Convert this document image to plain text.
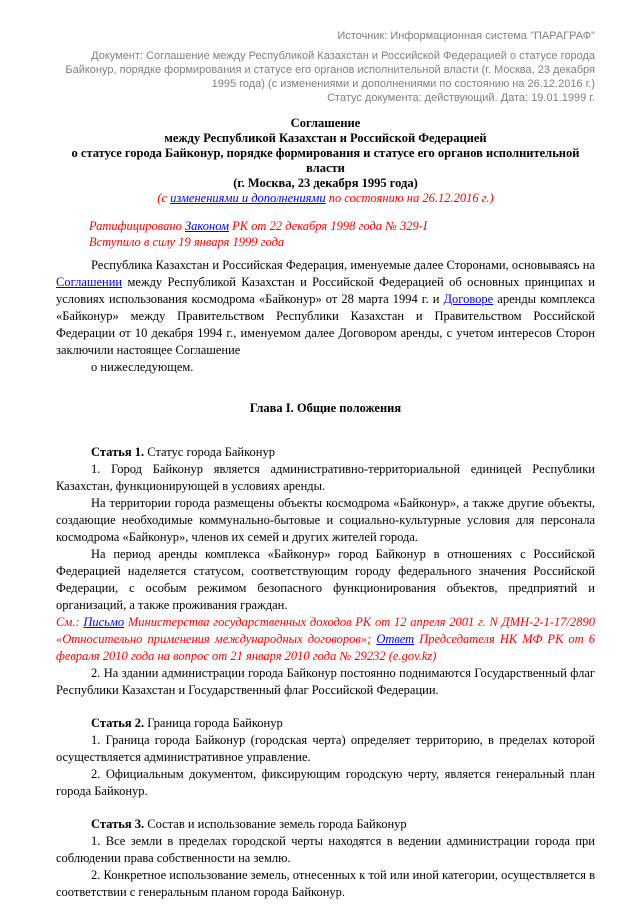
Источник: Информационная система "ПАРАГРАФ"

Документ: Соглашение между Республикой Казахстан и Российской Федерацией о статусе города Байконур, порядке формирования и статусе его органов исполнительной власти (г. Москва, 23 декабря 1995 года) (с изменениями и дополнениями по состоянию на 26.12.2016 г.)

Статус документа: действующий. Дата: 19.01.1999 г.

Соглашение
между Республикой Казахстан и Российской Федерацией
о статусе города Байконур, порядке формирования и статусе его органов исполнительной власти
(г. Москва, 23 декабря 1995 года)
(с изменениями и дополнениями по состоянию на 26.12.2016 г.)
Ратифицировано Законом РК от 22 декабря 1998 года № 329-I
Вступило в силу 19 января 1999 года

Республика Казахстан и Российская Федерация, именуемые далее Сторонами, основываясь на Соглашении между Республикой Казахстан и Российской Федерацией об основных принципах и условиях использования космодрома «Байконур» от 28 марта 1994 г. и Договоре аренды комплекса «Байконур» между Правительством Республики Казахстан и Правительством Российской Федерации от 10 декабря 1994 г., именуемом далее Договором аренды, с учетом интересов Сторон заключили настоящее Соглашение

о нижеследующем.

Глава I. Общие положения

Статья 1. Статус города Байконур

1. Город Байконур является административно-территориальной единицей Республики Казахстан, функционирующей в условиях аренды.

На территории города размещены объекты космодрома «Байконур», а также другие объекты, создающие необходимые коммунально-бытовые и социально-культурные условия для персонала космодрома «Байконур», членов их семей и других жителей города.

На период аренды комплекса «Байконур» город Байконур в отношениях с Российской Федерацией наделяется статусом, соответствующим городу федерального значения Российской Федерации, с особым режимом безопасного функционирования объектов, предприятий и организаций, а также проживания граждан.

См.: Письмо Министерства государственных доходов РК от 12 апреля 2001 г. N ДМН-2-1-17/2890 «Относительно применения международных договоров»; Ответ Председателя НК МФ РК от 6 февраля 2010 года на вопрос от 21 января 2010 года № 29232 (e.gov.kz)

2. На здании администрации города Байконур постоянно поднимаются Государственный флаг Республики Казахстан и Государственный флаг Российской Федерации.

Статья 2. Граница города Байконур

1. Граница города Байконур (городская черта) определяет территорию, в пределах которой осуществляется административное управление.

2. Официальным документом, фиксирующим городскую черту, является генеральный план города Байконур.

Статья 3. Состав и использование земель города Байконур

1. Все земли в пределах городской черты находятся в ведении администрации города при соблюдении права собственности на землю.

2. Конкретное использование земель, отнесенных к той или иной категории, осуществляется в соответствии с генеральным планом города Байконур.
